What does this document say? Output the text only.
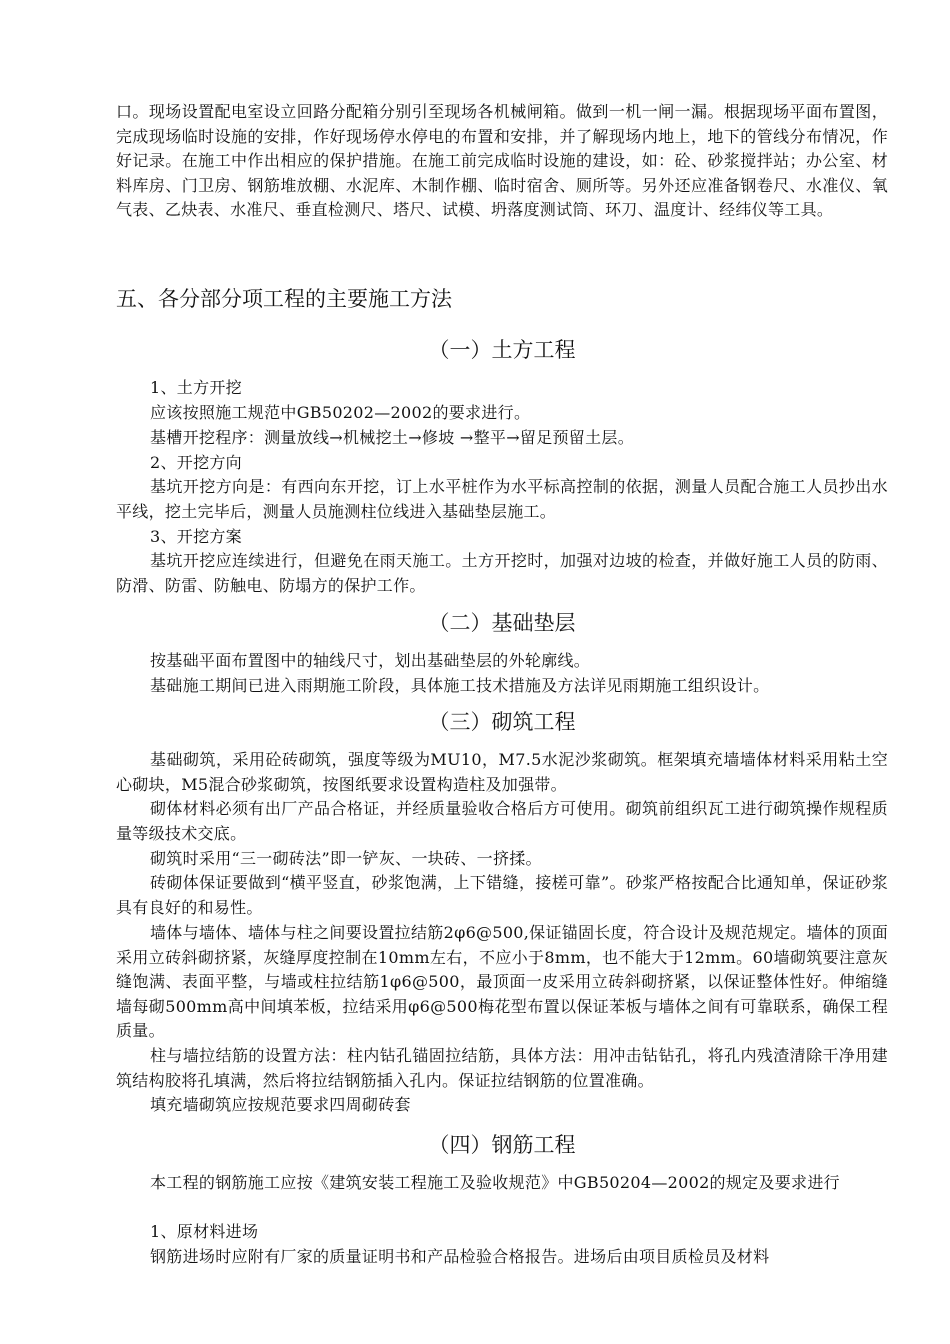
口。现场设置配电室设立回路分配箱分别引至现场各机械闸箱。做到一机一闸一漏。根据现场平面布置图，完成现场临时设施的安排，作好现场停水停电的布置和安排，并了解现场内地上，地下的管线分布情况，作好记录。在施工中作出相应的保护措施。在施工前完成临时设施的建设，如：砼、砂浆搅拌站；办公室、材料库房、门卫房、钢筋堆放棚、水泥库、木制作棚、临时宿舍、厕所等。另外还应准备钢卷尺、水准仪、氧气表、乙炔表、水准尺、垂直检测尺、塔尺、试模、坍落度测试筒、环刀、温度计、经纬仪等工具。

五、各分部分项工程的主要施工方法
（一）土方工程

1、土方开挖

应该按照施工规范中GB50202—2002的要求进行。

基槽开挖程序：测量放线→机械挖土→修坡 →整平→留足预留土层。

2、开挖方向

基坑开挖方向是：有西向东开挖，订上水平桩作为水平标高控制的依据，测量人员配合施工人员抄出水平线，挖土完毕后，测量人员施测柱位线进入基础垫层施工。

3、开挖方案

基坑开挖应连续进行，但避免在雨天施工。土方开挖时，加强对边坡的检查，并做好施工人员的防雨、防滑、防雷、防触电、防塌方的保护工作。

（二）基础垫层

按基础平面布置图中的轴线尺寸，划出基础垫层的外轮廓线。

基础施工期间已进入雨期施工阶段，具体施工技术措施及方法详见雨期施工组织设计。

（三）砌筑工程

基础砌筑，采用砼砖砌筑，强度等级为MU10，M7.5水泥沙浆砌筑。框架填充墙墙体材料采用粘土空心砌块，M5混合砂浆砌筑，按图纸要求设置构造柱及加强带。

砌体材料必须有出厂产品合格证，并经质量验收合格后方可使用。砌筑前组织瓦工进行砌筑操作规程质量等级技术交底。

砌筑时采用“三一砌砖法”即一铲灰、一块砖、一挤揉。

砖砌体保证要做到“横平竖直，砂浆饱满，上下错缝，接槎可靠”。砂浆严格按配合比通知单，保证砂浆具有良好的和易性。

墙体与墙体、墙体与柱之间要设置拉结筋2φ6@500,保证锚固长度，符合设计及规范规定。墙体的顶面采用立砖斜砌挤紧，灰缝厚度控制在10mm左右，不应小于8mm，也不能大于12mm。60墙砌筑要注意灰缝饱满、表面平整，与墙或柱拉结筋1φ6@500，最顶面一皮采用立砖斜砌挤紧，以保证整体性好。伸缩缝墙每砌500mm高中间填苯板，拉结采用φ6@500梅花型布置以保证苯板与墙体之间有可靠联系，确保工程质量。

柱与墙拉结筋的设置方法：柱内钻孔锚固拉结筋，具体方法：用冲击钻钻孔，将孔内残渣清除干净用建筑结构胶将孔填满，然后将拉结钢筋插入孔内。保证拉结钢筋的位置准确。

填充墙砌筑应按规范要求四周砌砖套

（四）钢筋工程

本工程的钢筋施工应按《建筑安装工程施工及验收规范》中GB50204—2002的规定及要求进行

1、原材料进场

钢筋进场时应附有厂家的质量证明书和产品检验合格报告。进场后由项目质检员及材料
